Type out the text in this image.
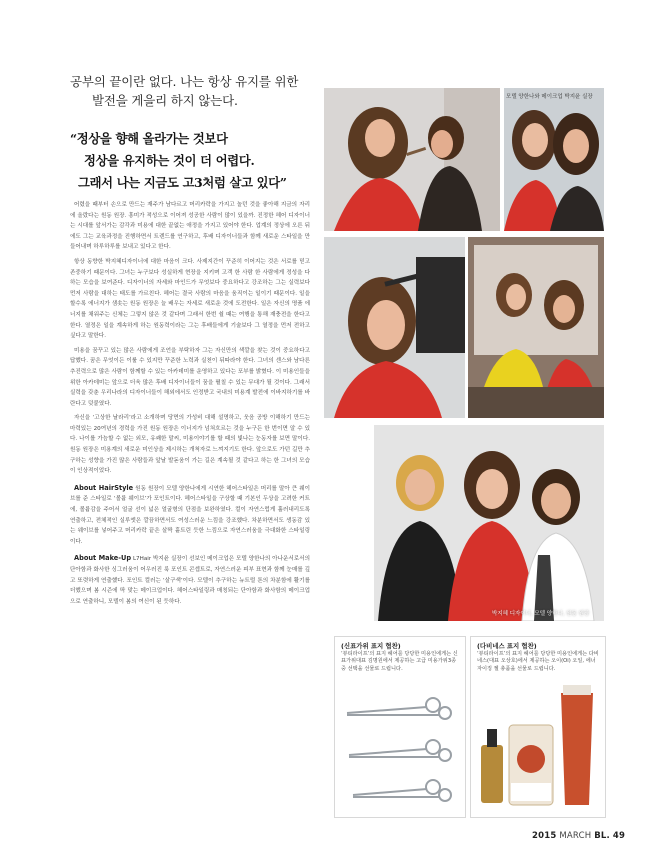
공부의 끝이란 없다. 나는 항상 유지를 위한
발전을 게을리 하지 않는다.
“정상을 향해 올라가는 것보다
정상을 유지하는 것이 더 어렵다.
그래서 나는 지금도 고3처럼 살고 있다”

어렸을 때부터 손으로 만드는 재주가 남다르고 머리카락을 가지고 놀던 것을 좋아해 지금의 자리에 올랐다는 원동 원장. 흥미가 적성으로 이어져 성공한 사람이 많이 있을까. 진정한 헤어 디자이너는 시대를 앞서가는 감각과 미용에 대한 끝없는 애정을 가지고 있어야 한다. 업계의 정상에 오른 뒤에도 그는 교육과정을 진행하면서 트렌드를 연구하고, 후배 디자이너들과 함께 새로운 스타일을 만들어내며 하루하루를 보내고 있다고 한다.

항상 동향한 박지혜디자이너에 대한 마음이 크다. 사제지간이 꾸준히 이어지는 것은 서로를 믿고 존중하기 때문이다. 그녀는 누구보다 성실하게 현장을 지키며 고객 한 사람 한 사람에게 정성을 다하는 모습을 보여준다. 디자이너의 자세와 마인드가 무엇보다 중요하다고 강조하는 그는 실력보다 먼저 사람을 대하는 태도를 가르친다. 헤어는 결국 사람의 마음을 움직이는 일이기 때문이다. 일을 할수록 에너지가 샘솟는 원동 원장은 늘 배우는 자세로 새로운 것에 도전한다. 일은 자신의 명품 에너지를 채워주는 신체는 그렇지 않은 것 같다며 그래서 한번 쉴 때는 여행을 통해 재충전을 한다고 한다. 열정은 일을 계속하게 하는 원동력이라는 그는 후배들에게 기술보다 그 열정을 먼저 전하고 싶다고 말한다.

미용을 꿈꾸고 있는 많은 사람에게 조언을 부탁하자 그는 자신만의 색깔을 찾는 것이 중요하다고 답했다. 꿈은 무엇이든 이룰 수 있지만 꾸준한 노력과 실천이 뒤따라야 한다. 그녀의 센스와 남다른 추진력으로 많은 사람이 함께할 수 있는 아카데미를 운영하고 있다는 포부를 밝혔다. 이 미용인들을 위한 아카데미는 앞으로 더욱 많은 후배 디자이너들이 꿈을 펼칠 수 있는 무대가 될 것이다. 그래서 실력을 갖춘 우리나라의 디자이너들이 해외에서도 인정받고 국내의 미용계 발전에 이바지하기를 바란다고 덧붙였다.

자신을 ‘고상한 날라리’라고 소개하며 당면의 가성비 대해 설명하고, 웃음 공방 이해하기 만드는 마력있는 20여년의 경력을 가진 원동 원장은 이너지가 넘쳐흐르는 것을 누구든 한 번이면 알 수 있다. 나이를 가늠할 수 없는 외모, 유쾌한 말씨, 미용이야기를 할 때의 빛나는 눈동자를 보면 말이다. 원동 원장은 미용계의 새로운 미인상을 제시하는 개척자로 느껴지기도 한다. 앞으로도 가던 길만 추구하는 성향을 가진 많은 사람들과 앞날 발돋움이 가는 길은 계속될 것 같다고 하는 한 그녀의 모습이 인상적이었다.

About HairStyle 원동 원장이 모델 양한나에게 시연한 헤어스타일은 머리를 말아 큰 웨이브를 준 스타일로 ‘볼륨 웨이브’가 포인트이다. 헤어스타일을 구상할 때 기본인 두상을 고려한 커트에, 볼륨감을 주어서 얼굴 선이 넓은 얼굴형의 단점을 보완하였다. 컬이 자연스럽게 흘러내리도록 연출하고, 전체적인 실루엣은 깔끔하면서도 여성스러운 느낌을 강조했다. 차분하면서도 생동감 있는 웨이브를 넣어주고 머리카락 끝은 살짝 흩트린 듯한 느낌으로 자연스러움을 극대화한 스타일링이다.

About Make-Up L7Hair 박지윤 실장이 선보인 메이크업은 모델 양한나의 아나운서로서의 단아함과 화사한 싱그러움이 어우러진 룩 포인트 콘셉트로, 자연스러운 피부 표현과 함께 눈매를 깊고 또렷하게 연출했다. 포인트 컬러는 ‘살구색’이다. 모델이 추구하는 뉴트럴 톤의 차분함에 활기를 더했으며 봄 시즌에 딱 맞는 메이크업이다. 헤어스타일링과 매칭되는 단아함과 화사함의 메이크업으로 연출하니, 모델이 봄의 여신이 된 듯하다.

모델 양한나와 메이크업 박지윤 실장
박지혜 디자이너, 모델 양한나, 원동 원장
(신표가위 표지 협찬)
‘뷰티라이프’의 표지 헤어를 당당한 미용인에게는 신표가위대표 김명원에서 제공하는 고급 미용가위3종 중 선택을 선물로 드립니다.
(다비네스 표지 협찬)
‘뷰티라이프’의 표지 헤어를 당당한 미용인에게는 다비네스(대표 오상호)에서 제공하는 오이(Oi) 오일, 에너자이징 젤 총품을 선물로 드립니다.
2015 MARCH BL. 49
